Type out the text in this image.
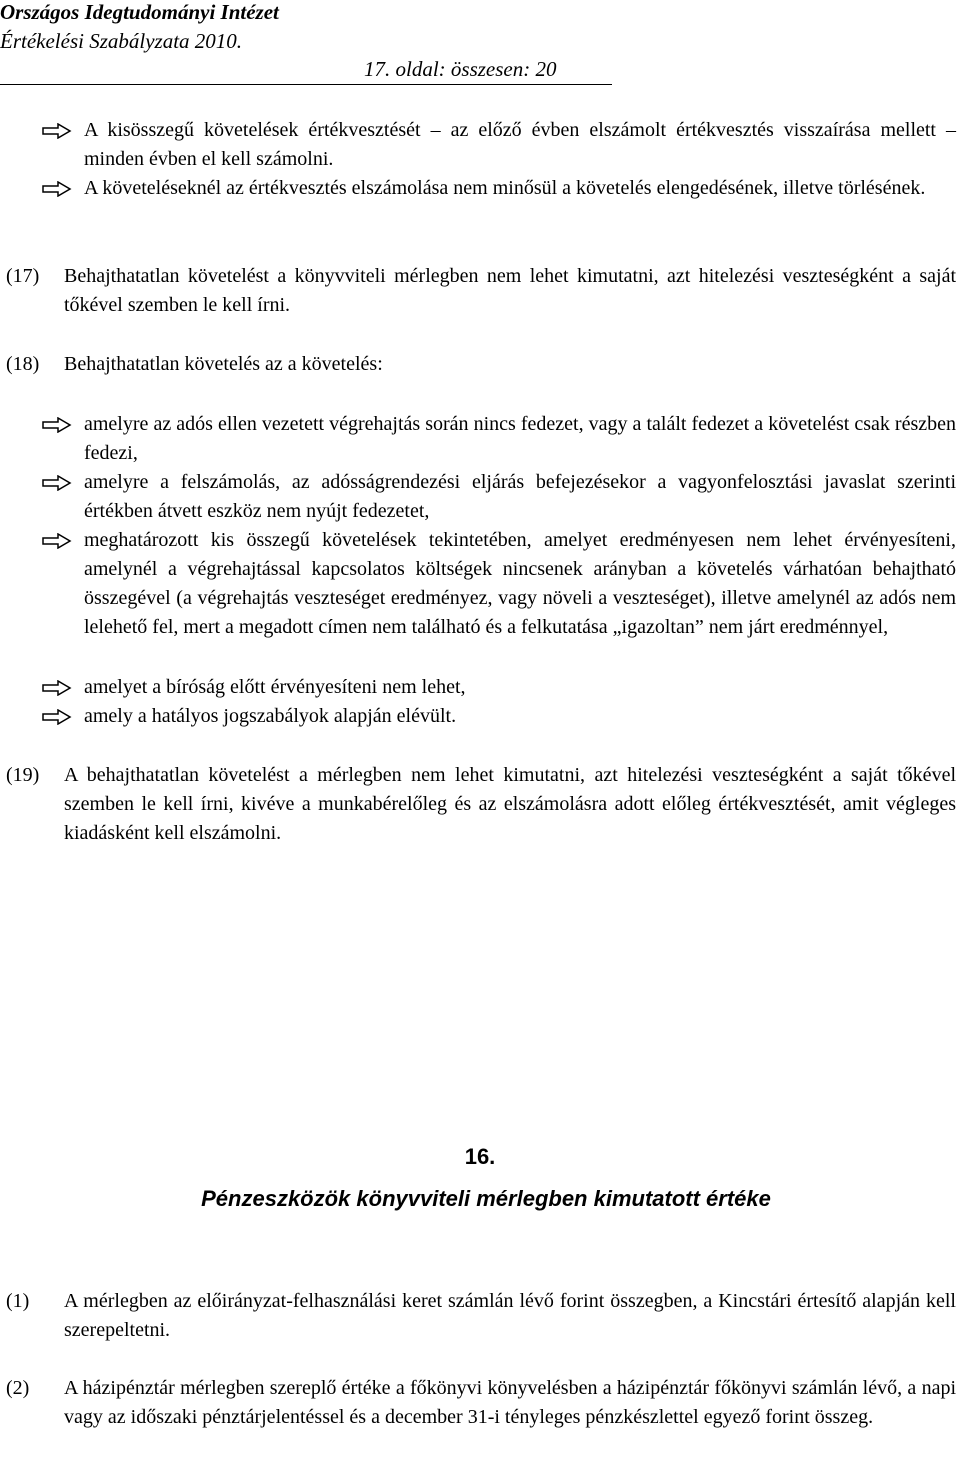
Országos Idegtudományi Intézet
Értékelési Szabályzata 2010.
17. oldal: összesen: 20
A kisösszegű követelések értékvesztését – az előző évben elszámolt értékvesztés visszaírása mellett – minden évben el kell számolni.
A követeléseknél az értékvesztés elszámolása nem minősül a követelés elengedésének, illetve törlésének.
(17) Behajthatatlan követelést a könyvviteli mérlegben nem lehet kimutatni, azt hitelezési veszteségként a saját tőkével szemben le kell írni.
(18) Behajthatatlan követelés az a követelés:
amelyre az adós ellen vezetett végrehajtás során nincs fedezet, vagy a talált fedezet a követelést csak részben fedezi,
amelyre a felszámolás, az adósságrendezési eljárás befejezésekor a vagyonfelosztási javaslat szerinti értékben átvett eszköz nem nyújt fedezetet,
meghatározott kis összegű követelések tekintetében, amelyet eredményesen nem lehet érvényesíteni, amelynél a végrehajtással kapcsolatos költségek nincsenek arányban a követelés várhatóan behajtható összegével (a végrehajtás veszteséget eredményez, vagy növeli a veszteséget), illetve amelynél az adós nem lelehető fel, mert a megadott címen nem található és a felkutatása „igazoltan” nem járt eredménnyel,
amelyet a bíróság előtt érvényesíteni nem lehet,
amely a hatályos jogszabályok alapján elévült.
(19) A behajthatatlan követelést a mérlegben nem lehet kimutatni, azt hitelezési veszteségként a saját tőkével szemben le kell írni, kivéve a munkabérelőleg és az elszámolásra adott előleg értékvesztését, amit végleges kiadásként kell elszámolni.
16.
Pénzeszközök könyvviteli mérlegben kimutatott értéke
(1) A mérlegben az előirányzat-felhasználási keret számlán lévő forint összegben, a Kincstári értesítő alapján kell szerepeltetni.
(2) A házipénztár mérlegben szereplő értéke a főkönyvi könyvelésben a házipénztár főkönyvi számlán lévő, a napi vagy az időszaki pénztárjelentéssel és a december 31-i tényleges pénzkészlettel egyező forint összeg.
